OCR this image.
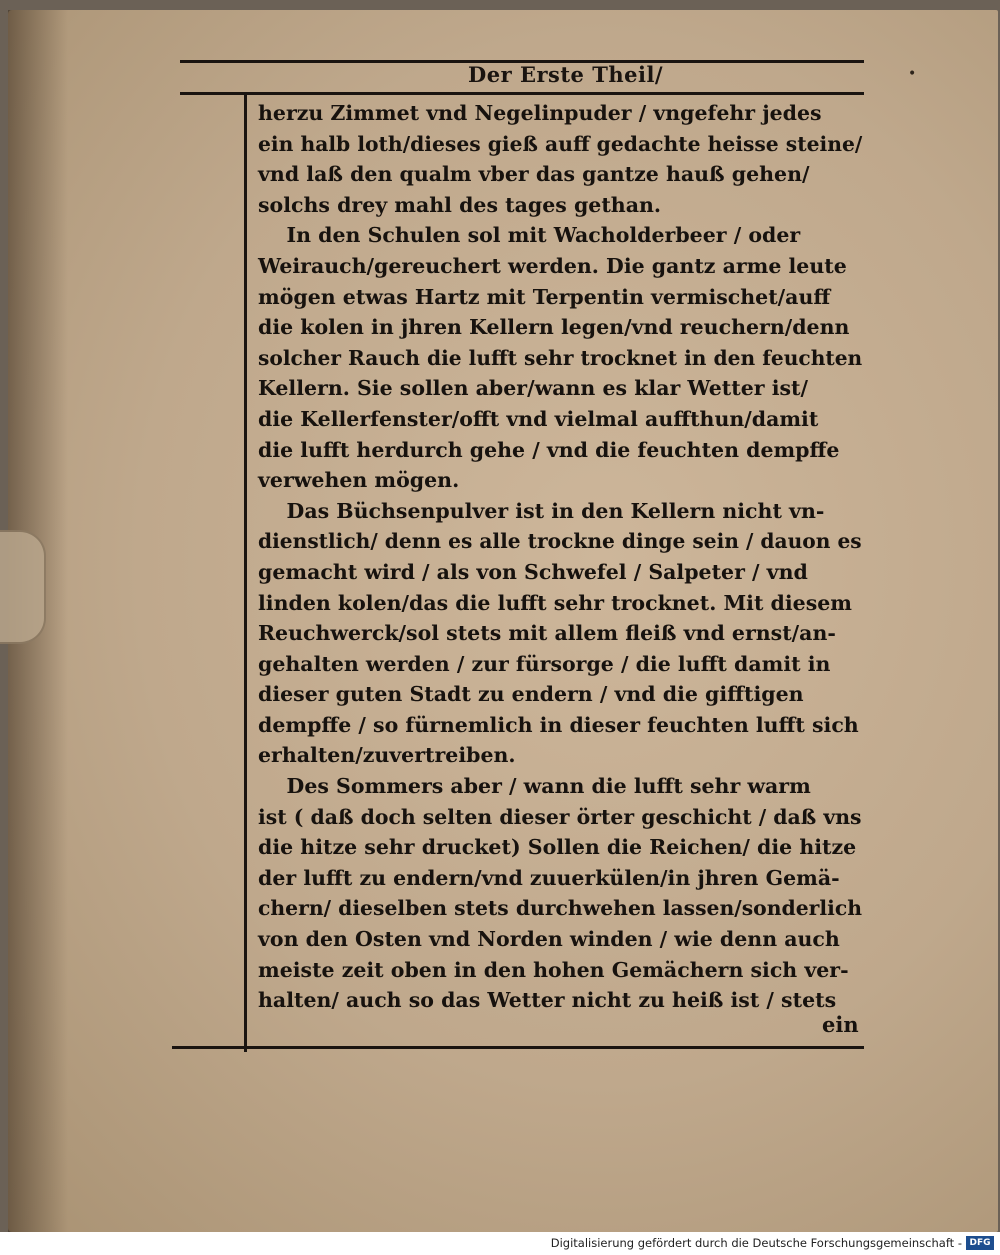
•
Der Erste Theil/
herzu Zimmet vnd Negelinpuder / vngefehr jedes
ein halb loth/dieses gieß auff gedachte heisse steine/
vnd laß den qualm vber das gantze hauß gehen/
solchs drey mahl des tages gethan.
In den Schulen sol mit Wacholderbeer / oder
Weirauch/gereuchert werden. Die gantz arme leute
mögen etwas Hartz mit Terpentin vermischet/auff
die kolen in jhren Kellern legen/vnd reuchern/denn
solcher Rauch die lufft sehr trocknet in den feuchten
Kellern. Sie sollen aber/wann es klar Wetter ist/
die Kellerfenster/offt vnd vielmal auffthun/damit
die lufft herdurch gehe / vnd die feuchten dempffe
verwehen mögen.
Das Büchsenpulver ist in den Kellern nicht vn-
dienstlich/ denn es alle trockne dinge sein / dauon es
gemacht wird / als von Schwefel / Salpeter / vnd
linden kolen/das die lufft sehr trocknet. Mit diesem
Reuchwerck/sol stets mit allem fleiß vnd ernst/an-
gehalten werden / zur fürsorge / die lufft damit in
dieser guten Stadt zu endern / vnd die gifftigen
dempffe / so fürnemlich in dieser feuchten lufft sich
erhalten/zuvertreiben.
Des Sommers aber / wann die lufft sehr warm
ist ( daß doch selten dieser örter geschicht / daß vns
die hitze sehr drucket) Sollen die Reichen/ die hitze
der lufft zu endern/vnd zuuerkülen/in jhren Gemä-
chern/ dieselben stets durchwehen lassen/sonderlich
von den Osten vnd Norden winden / wie denn auch
meiste zeit oben in den hohen Gemächern sich ver-
halten/ auch so das Wetter nicht zu heiß ist / stets
ein
Digitalisierung gefördert durch die Deutsche Forschungsgemeinschaft - DFG
